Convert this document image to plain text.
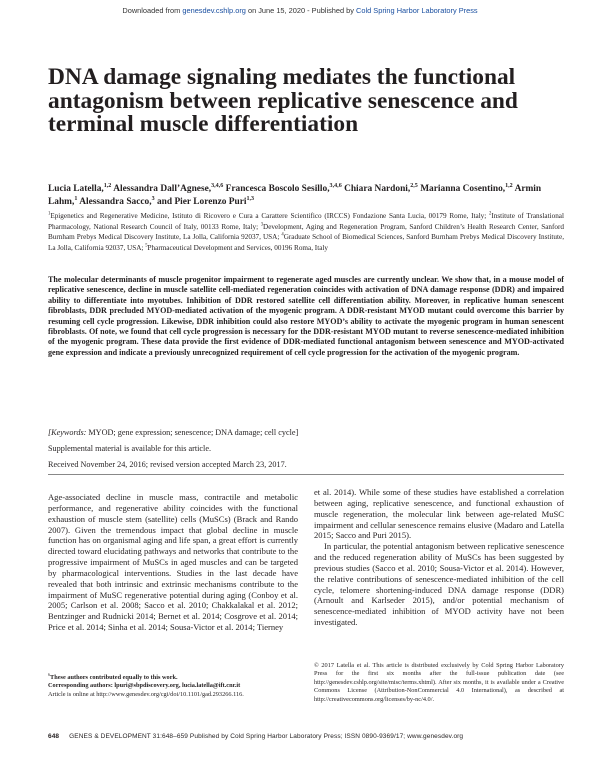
Downloaded from genesdev.cshlp.org on June 15, 2020 - Published by Cold Spring Harbor Laboratory Press
DNA damage signaling mediates the functional antagonism between replicative senescence and terminal muscle differentiation
Lucia Latella,$^{1,2}$ Alessandra Dall’Agnese,$^{3,4,6}$ Francesca Boscolo Sesillo,$^{3,4,6}$ Chiara Nardoni,$^{2,5}$ Marianna Cosentino,$^{1,2}$ Armin Lahm,$^1$ Alessandra Sacco,$^3$ and Pier Lorenzo Puri$^{1,3}$
$^1$Epigenetics and Regenerative Medicine, Istituto di Ricovero e Cura a Carattere Scientifico (IRCCS) Fondazione Santa Lucia, 00179 Rome, Italy; $^2$Institute of Translational Pharmacology, National Research Council of Italy, 00133 Rome, Italy; $^3$Development, Aging and Regeneration Program, Sanford Children’s Health Research Center, Sanford Burnham Prebys Medical Discovery Institute, La Jolla, California 92037, USA; $^4$Graduate School of Biomedical Sciences, Sanford Burnham Prebys Medical Discovery Institute, La Jolla, California 92037, USA; $^5$Pharmaceutical Development and Services, 00196 Roma, Italy
The molecular determinants of muscle progenitor impairment to regenerate aged muscles are currently unclear. We show that, in a mouse model of replicative senescence, decline in muscle satellite cell-mediated regeneration coincides with activation of DNA damage response (DDR) and impaired ability to differentiate into myotubes. Inhibition of DDR restored satellite cell differentiation ability. Moreover, in replicative human senescent fibroblasts, DDR precluded MYOD-mediated activation of the myogenic program. A DDR-resistant MYOD mutant could overcome this barrier by resuming cell cycle progression. Likewise, DDR inhibition could also restore MYOD’s ability to activate the myogenic program in human senescent fibroblasts. Of note, we found that cell cycle progression is necessary for the DDR-resistant MYOD mutant to reverse senescence-mediated inhibition of the myogenic program. These data provide the first evidence of DDR-mediated functional antagonism between senescence and MYOD-activated gene expression and indicate a previously unrecognized requirement of cell cycle progression for the activation of the myogenic program.
[Keywords: MYOD; gene expression; senescence; DNA damage; cell cycle]
Supplemental material is available for this article.
Received November 24, 2016; revised version accepted March 23, 2017.

Age-associated decline in muscle mass, contractile and metabolic performance, and regenerative ability coincides with the functional exhaustion of muscle stem (satellite) cells (MuSCs) (Brack and Rando 2007). Given the tremendous impact that global decline in muscle function has on organismal aging and life span, a great effort is currently directed toward elucidating pathways and networks that contribute to the progressive impairment of MuSCs in aged muscles and can be targeted by pharmacological interventions. Studies in the last decade have revealed that both intrinsic and extrinsic mechanisms contribute to the impairment of MuSC regenerative potential during aging (Conboy et al. 2005; Carlson et al. 2008; Sacco et al. 2010; Chakkalakal et al. 2012; Bentzinger and Rudnicki 2014; Bernet et al. 2014; Cosgrove et al. 2014; Price et al. 2014; Sinha et al. 2014; Sousa-Victor et al. 2014; Tierney

et al. 2014). While some of these studies have established a correlation between aging, replicative senescence, and functional exhaustion of muscle regeneration, the molecular link between age-related MuSC impairment and cellular senescence remains elusive (Madaro and Latella 2015; Sacco and Puri 2015).

In particular, the potential antagonism between replicative senescence and the reduced regeneration ability of MuSCs has been suggested by previous studies (Sacco et al. 2010; Sousa-Victor et al. 2014). However, the relative contributions of senescence-mediated inhibition of the cell cycle, telomere shortening-induced DNA damage response (DDR) (Arnoult and Karlseder 2015), and/or potential mechanism of senescence-mediated inhibition of MYOD activity have not been investigated.

$^6$These authors contributed equally to this work.
Corresponding authors: lpuri@sbpdiscovery.org, lucia.latella@ift.cnr.it
Article is online at http://www.genesdev.org/cgi/doi/10.1101/gad.293266.116.
© 2017 Latella et al. This article is distributed exclusively by Cold Spring Harbor Laboratory Press for the first six months after the full-issue publication date (see http://genesdev.cshlp.org/site/misc/terms.xhtml). After six months, it is available under a Creative Commons License (Attribution-NonCommercial 4.0 International), as described at http://creativecommons.org/licenses/by-nc/4.0/.
648 GENES & DEVELOPMENT 31:648–659 Published by Cold Spring Harbor Laboratory Press; ISSN 0890-9369/17; www.genesdev.org
